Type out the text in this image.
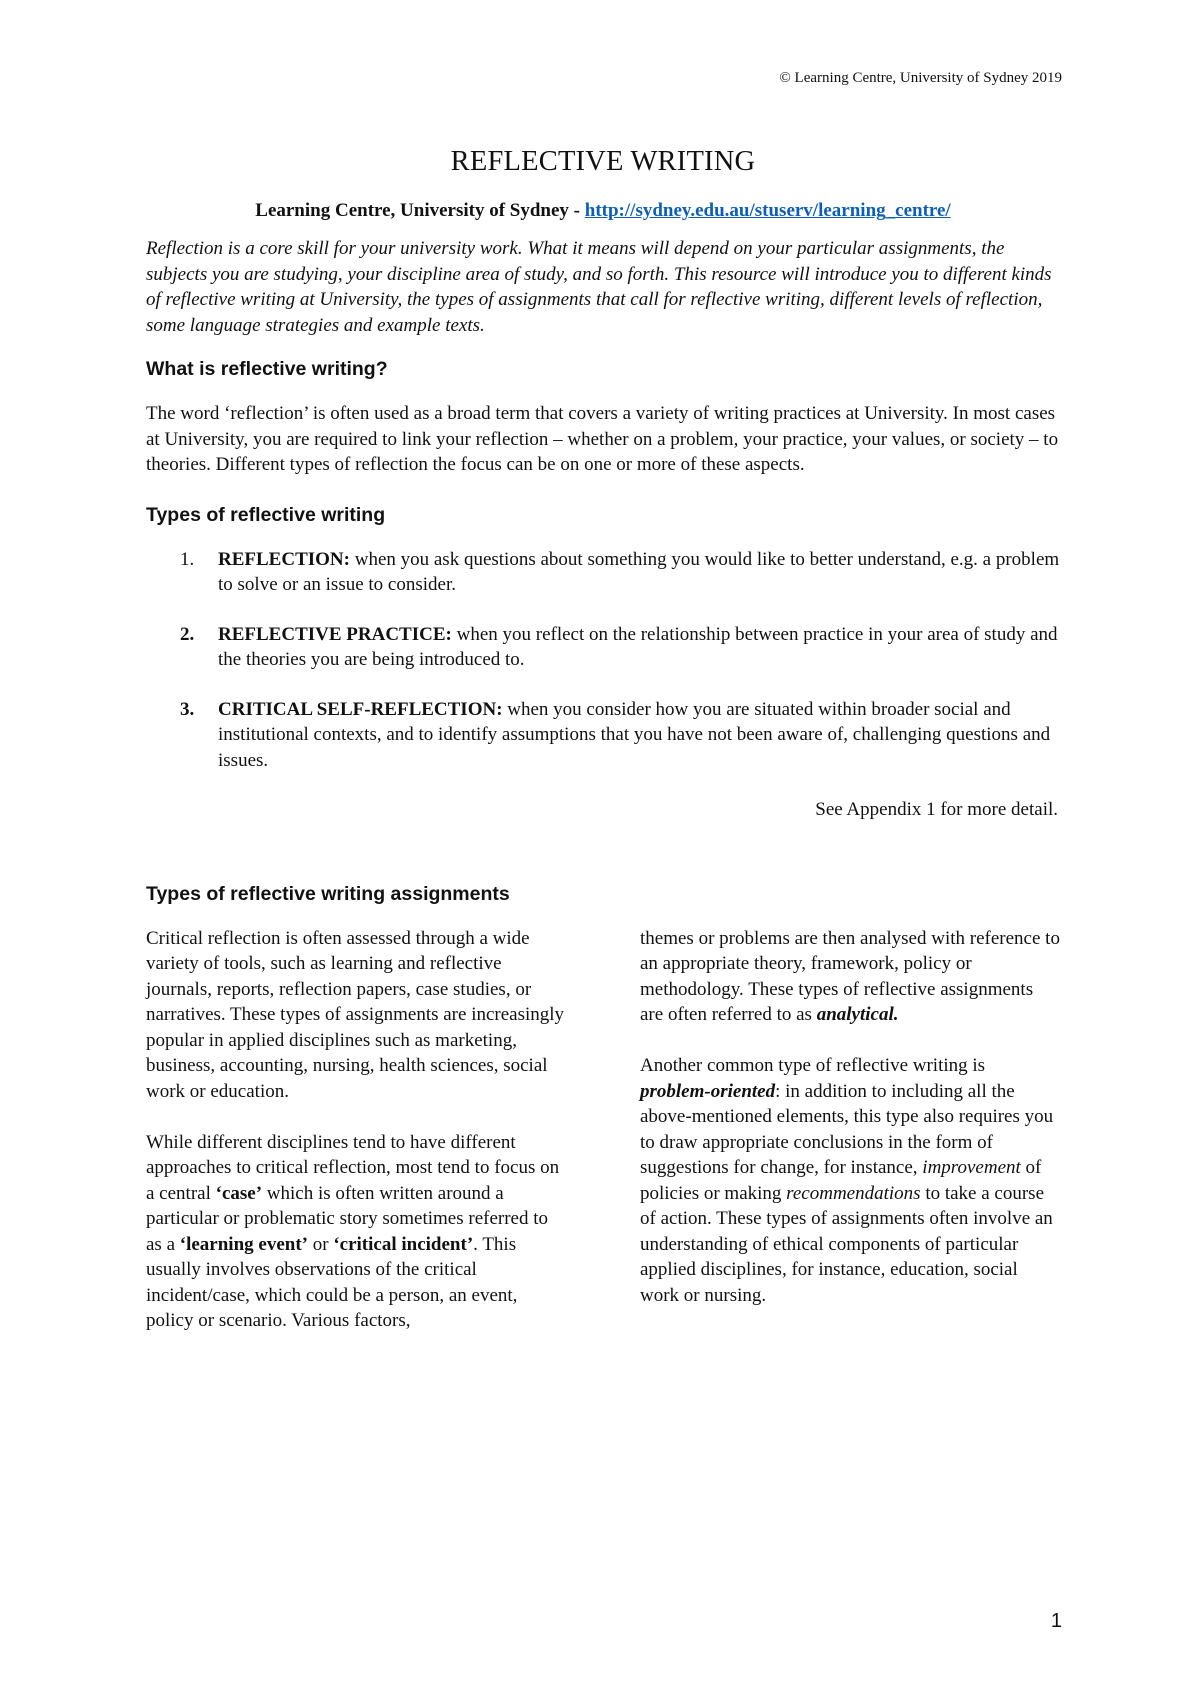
© Learning Centre, University of Sydney 2019
REFLECTIVE WRITING
Learning Centre, University of Sydney - http://sydney.edu.au/stuserv/learning_centre/

Reflection is a core skill for your university work. What it means will depend on your particular assignments, the subjects you are studying, your discipline area of study, and so forth. This resource will introduce you to different kinds of reflective writing at University, the types of assignments that call for reflective writing, different levels of reflection, some language strategies and example texts.

What is reflective writing?

The word ‘reflection’ is often used as a broad term that covers a variety of writing practices at University. In most cases at University, you are required to link your reflection – whether on a problem, your practice, your values, or society – to theories. Different types of reflection the focus can be on one or more of these aspects.

Types of reflective writing
1. REFLECTION: when you ask questions about something you would like to better understand, e.g. a problem to solve or an issue to consider.
2. REFLECTIVE PRACTICE: when you reflect on the relationship between practice in your area of study and the theories you are being introduced to.
3. CRITICAL SELF-REFLECTION: when you consider how you are situated within broader social and institutional contexts, and to identify assumptions that you have not been aware of, challenging questions and issues.

See Appendix 1 for more detail.

Types of reflective writing assignments

Critical reflection is often assessed through a wide variety of tools, such as learning and reflective journals, reports, reflection papers, case studies, or narratives. These types of assignments are increasingly popular in applied disciplines such as marketing, business, accounting, nursing, health sciences, social work or education.

While different disciplines tend to have different approaches to critical reflection, most tend to focus on a central ‘case’ which is often written around a particular or problematic story sometimes referred to as a ‘learning event’ or ‘critical incident’. This usually involves observations of the critical incident/case, which could be a person, an event, policy or scenario. Various factors,

themes or problems are then analysed with reference to an appropriate theory, framework, policy or methodology. These types of reflective assignments are often referred to as analytical.

Another common type of reflective writing is problem-oriented: in addition to including all the above-mentioned elements, this type also requires you to draw appropriate conclusions in the form of suggestions for change, for instance, improvement of policies or making recommendations to take a course of action. These types of assignments often involve an understanding of ethical components of particular applied disciplines, for instance, education, social work or nursing.

1
